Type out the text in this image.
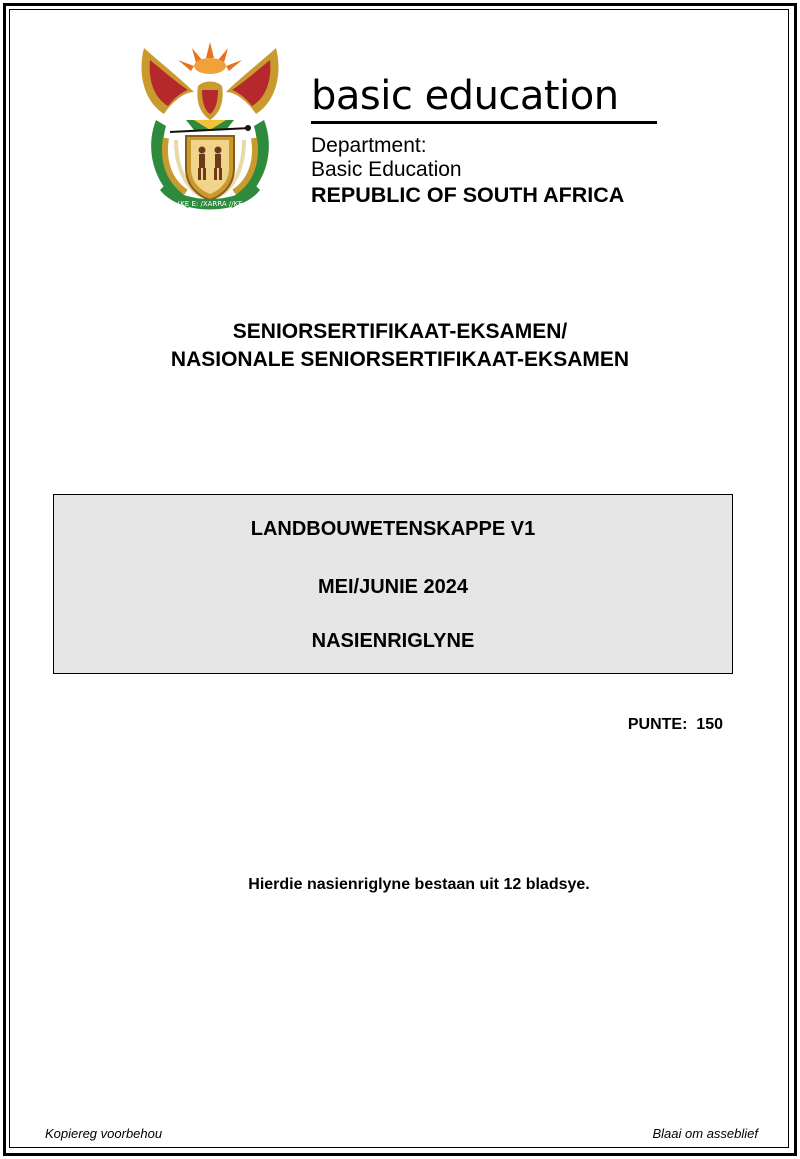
!KE E: /XARRA //KE
basic education
Department:
Basic Education
REPUBLIC OF SOUTH AFRICA
SENIORSERTIFIKAAT-EKSAMEN/
NASIONALE SENIORSERTIFIKAAT-EKSAMEN
LANDBOUWETENSKAPPE V1
MEI/JUNIE 2024
NASIENRIGLYNE
PUNTE:  150
Hierdie nasienriglyne bestaan uit 12 bladsye.
Kopiereg voorbehou	Blaai om asseblief
